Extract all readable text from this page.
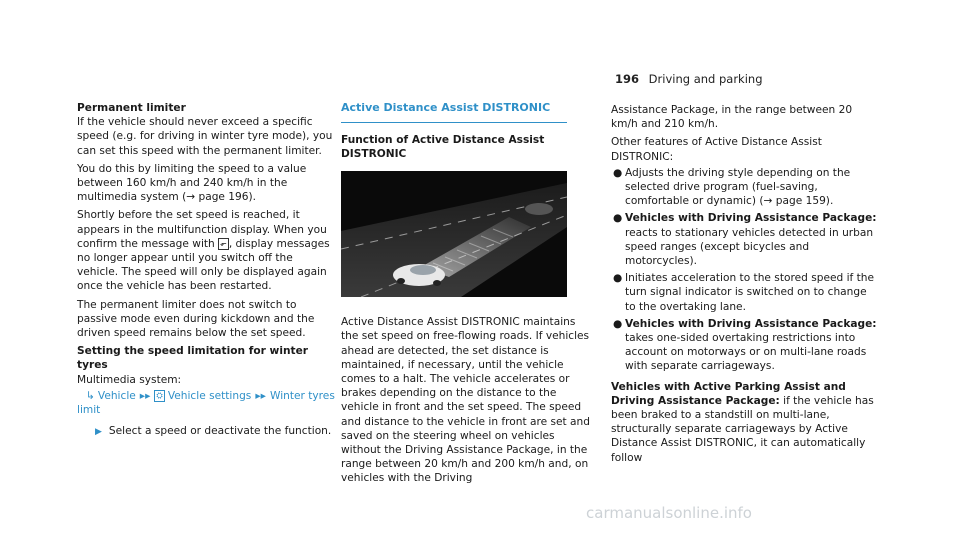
196 Driving and parking

Permanent limiter

If the vehicle should never exceed a specific speed (e.g. for driving in winter tyre mode), you can set this speed with the permanent limiter.

You do this by limiting the speed to a value between 160 km/h and 240 km/h in the multimedia system (→ page 196).

Shortly before the set speed is reached, it appears in the multifunction display. When you confirm the message with ⬐ , display messages no longer appear until you switch off the vehicle. The speed will only be displayed again once the vehicle has been restarted.

The permanent limiter does not switch to passive mode even during kickdown and the driven speed remains below the set speed.

Setting the speed limitation for winter tyres

Multimedia system:

↳ Vehicle ▸▸ ⛭ Vehicle settings ▸▸ Winter tyres limit

▶ Select a speed or deactivate the function.

Active Distance Assist DISTRONIC

Function of Active Distance Assist
DISTRONIC

Active Distance Assist DISTRONIC maintains the set speed on free-flowing roads. If vehicles ahead are detected, the set distance is maintained, if necessary, until the vehicle comes to a halt. The vehicle accelerates or brakes depending on the distance to the vehicle in front and the set speed. The speed and distance to the vehicle in front are set and saved on the steering wheel on vehicles without the Driving Assistance Package, in the range between 20 km/h and 200 km/h and, on vehicles with the Driving

Assistance Package, in the range between 20 km/h and 210 km/h.

Other features of Active Distance Assist DISTRONIC:

● Adjusts the driving style depending on the selected drive program (fuel-saving, comfortable or dynamic) (→ page 159).
● Vehicles with Driving Assistance Package: reacts to stationary vehicles detected in urban speed ranges (except bicycles and motorcycles).
● Initiates acceleration to the stored speed if the turn signal indicator is switched on to change to the overtaking lane.
● Vehicles with Driving Assistance Package: takes one-sided overtaking restrictions into account on motorways or on multi-lane roads with separate carriageways.

Vehicles with Active Parking Assist and Driving Assistance Package: if the vehicle has been braked to a standstill on multi-lane, structurally separate carriageways by Active Distance Assist DISTRONIC, it can automatically follow

carmanualsonline.info
